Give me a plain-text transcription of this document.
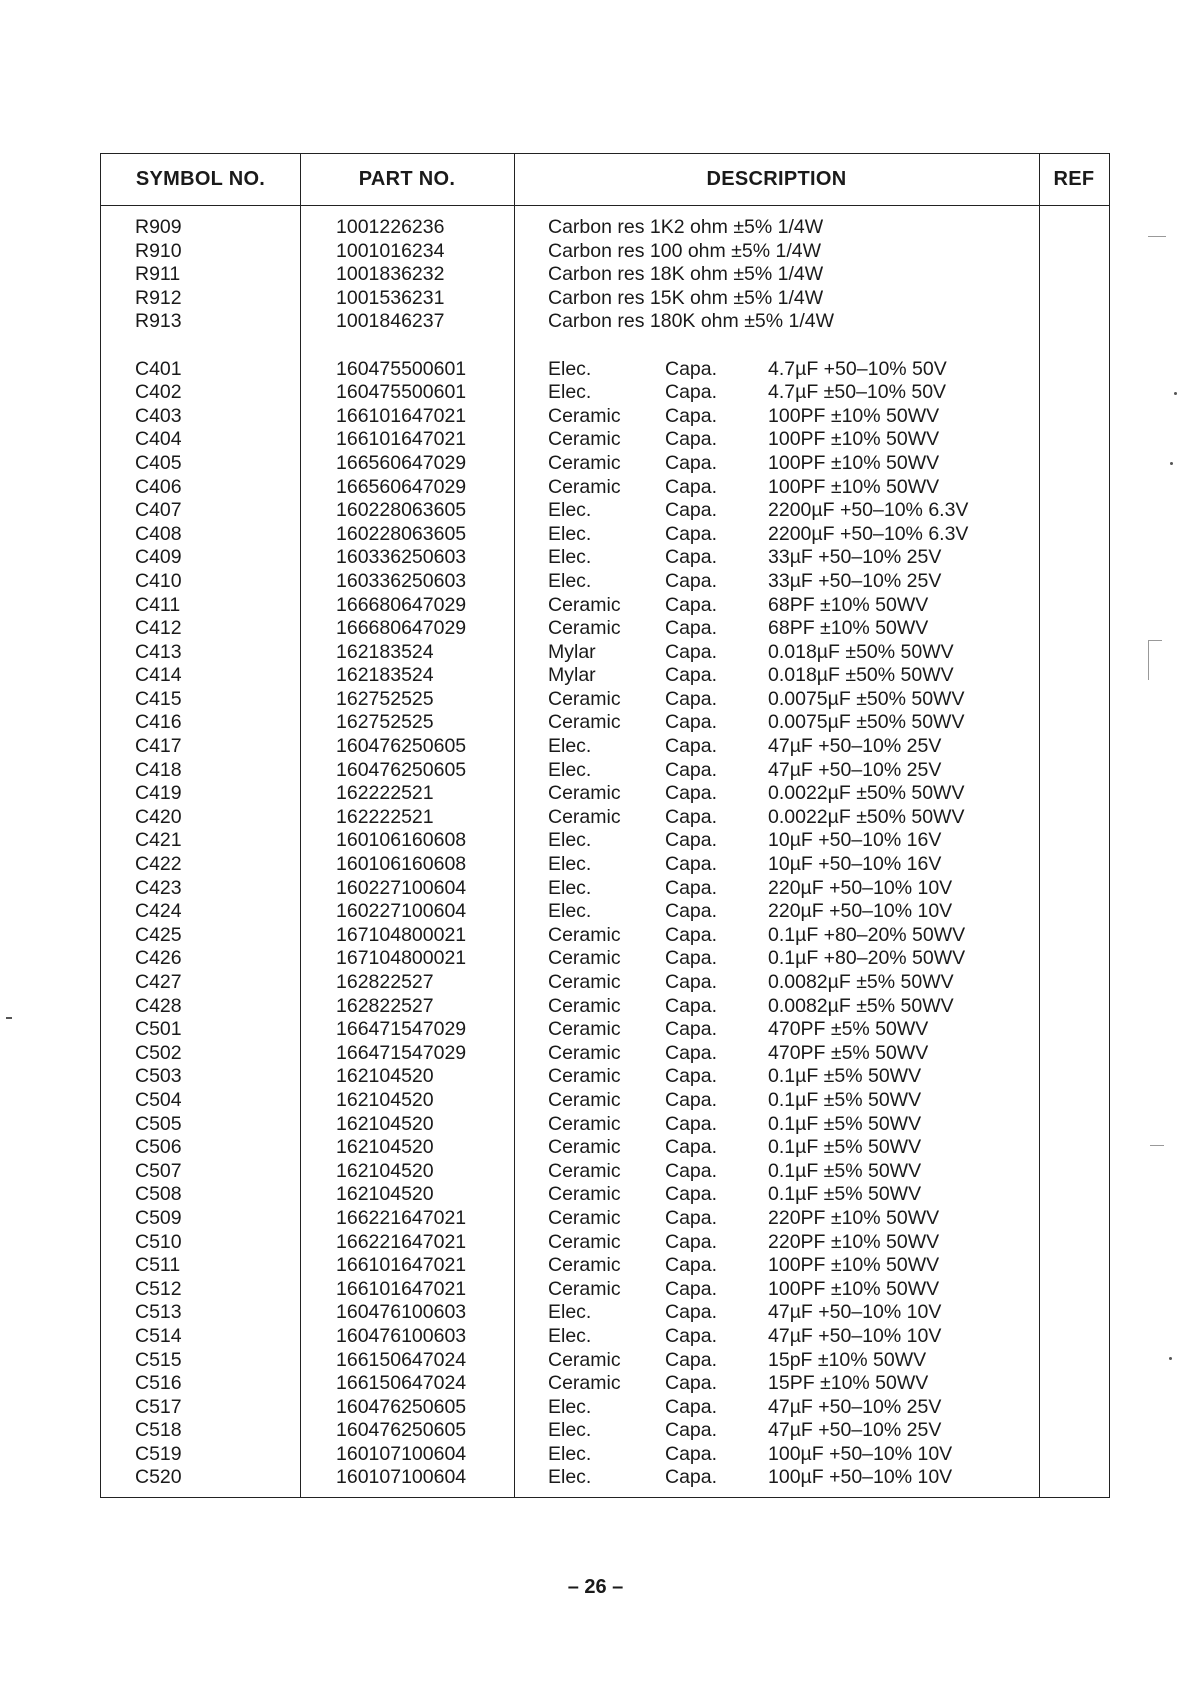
SYMBOL NO.	PART NO.	DESCRIPTION	REF
R909	1001226236	Carbon res 1K2 ohm ±5% 1/4W
R910	1001016234	Carbon res 100 ohm ±5% 1/4W
R911	1001836232	Carbon res 18K ohm ±5% 1/4W
R912	1001536231	Carbon res 15K ohm ±5% 1/4W
R913	1001846237	Carbon res 180K ohm ±5% 1/4W
C401	160475500601	Elec.	Capa.	4.7µF +50–10% 50V
C402	160475500601	Elec.	Capa.	4.7µF ±50–10% 50V
C403	166101647021	Ceramic Capa.	100PF ±10% 50WV
C404	166101647021	Ceramic Capa.	100PF ±10% 50WV
C405	166560647029	Ceramic Capa.	100PF ±10% 50WV
C406	166560647029	Ceramic Capa.	100PF ±10% 50WV
C407	160228063605	Elec.	Capa.	2200µF +50–10% 6.3V
C408	160228063605	Elec.	Capa.	2200µF +50–10% 6.3V
C409	160336250603	Elec.	Capa.	33µF +50–10% 25V
C410	160336250603	Elec.	Capa.	33µF +50–10% 25V
C411	166680647029	Ceramic Capa.	68PF ±10% 50WV
C412	166680647029	Ceramic Capa.	68PF ±10% 50WV
C413	162183524	Mylar	Capa.	0.018µF ±50% 50WV
C414	162183524	Mylar	Capa.	0.018µF ±50% 50WV
C415	162752525	Ceramic Capa.	0.0075µF ±50% 50WV
C416	162752525	Ceramic Capa.	0.0075µF ±50% 50WV
C417	160476250605	Elec.	Capa.	47µF +50–10% 25V
C418	160476250605	Elec.	Capa.	47µF +50–10% 25V
C419	162222521	Ceramic Capa.	0.0022µF ±50% 50WV
C420	162222521	Ceramic Capa.	0.0022µF ±50% 50WV
C421	160106160608	Elec.	Capa.	10µF +50–10% 16V
C422	160106160608	Elec.	Capa.	10µF +50–10% 16V
C423	160227100604	Elec.	Capa.	220µF +50–10% 10V
C424	160227100604	Elec.	Capa.	220µF +50–10% 10V
C425	167104800021	Ceramic Capa.	0.1µF +80–20% 50WV
C426	167104800021	Ceramic Capa.	0.1µF +80–20% 50WV
C427	162822527	Ceramic Capa.	0.0082µF ±5% 50WV
C428	162822527	Ceramic Capa.	0.0082µF ±5% 50WV
C501	166471547029	Ceramic Capa.	470PF ±5% 50WV
C502	166471547029	Ceramic Capa.	470PF ±5% 50WV
C503	162104520	Ceramic Capa.	0.1µF ±5% 50WV
C504	162104520	Ceramic Capa.	0.1µF ±5% 50WV
C505	162104520	Ceramic Capa.	0.1µF ±5% 50WV
C506	162104520	Ceramic Capa.	0.1µF ±5% 50WV
C507	162104520	Ceramic Capa.	0.1µF ±5% 50WV
C508	162104520	Ceramic Capa.	0.1µF ±5% 50WV
C509	166221647021	Ceramic Capa.	220PF ±10% 50WV
C510	166221647021	Ceramic Capa.	220PF ±10% 50WV
C511	166101647021	Ceramic Capa.	100PF ±10% 50WV
C512	166101647021	Ceramic Capa.	100PF ±10% 50WV
C513	160476100603	Elec.	Capa.	47µF +50–10% 10V
C514	160476100603	Elec.	Capa.	47µF +50–10% 10V
C515	166150647024	Ceramic Capa.	15pF ±10% 50WV
C516	166150647024	Ceramic Capa.	15PF ±10% 50WV
C517	160476250605	Elec.	Capa.	47µF +50–10% 25V
C518	160476250605	Elec.	Capa.	47µF +50–10% 25V
C519	160107100604	Elec.	Capa.	100µF +50–10% 10V
C520	160107100604	Elec.	Capa.	100µF +50–10% 10V
– 26 –
